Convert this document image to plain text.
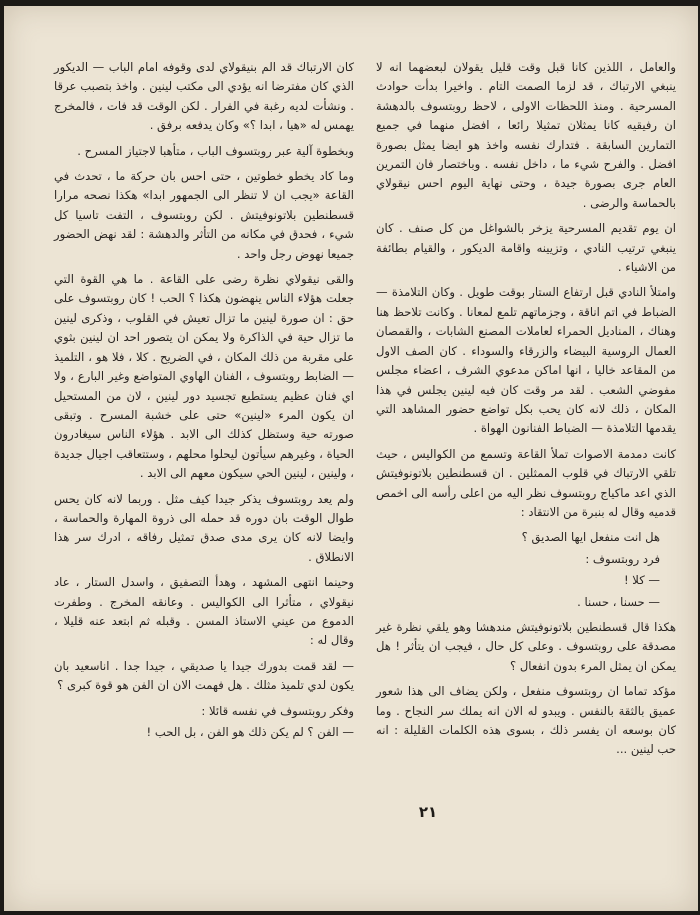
والعامل ، اللذين كانا قبل وقت قليل يقولان لبعضهما انه لا ينبغي الارتباك ، قد لزما الصمت التام . واخيرا بدأت حوادث المسرحية . ومنذ اللحظات الاولى ، لاحظ روبتسوف بالدهشة ان رفيقيه كانا يمثلان تمثيلا رائعا ، افضل منهما في جميع التمارين السابقة . فتدارك نفسه واخذ هو ايضا يمثل بصورة افضل . والفرح شيء ما ، داخل نفسه . وباختصار فان التمرين العام جرى بصورة جيدة ، وحتى نهاية اليوم احس نيقولاي بالحماسة والرضى .

ان يوم تقديم المسرحية يزخر بالشواغل من كل صنف . كان ينبغي ترتيب النادي ، وتزيينه واقامة الديكور ، والقيام بطائفة من الاشياء .

وامتلأ النادي قبل ارتفاع الستار بوقت طويل . وكان التلامذة — الضباط في اتم اناقة ، وجزماتهم تلمع لمعانا . وكانت تلاحظ هنا وهناك ، المناديل الحمراء لعاملات المصنع الشابات ، والقمصان العمال الروسية البيضاء والزرقاء والسوداء . كان الصف الاول من المقاعد خاليا ، انها اماكن مدعوي الشرف ، اعضاء مجلس مفوضي الشعب . لقد مر وقت كان فيه لينين يجلس في هذا المكان ، ذلك لانه كان يحب بكل تواضع حضور المشاهد التي يقدمها التلامذة — الضباط الفنانون الهواة .

كانت دمدمة الاصوات تملأ القاعة وتسمع من الكواليس ، حيث تلقي الارتباك في قلوب الممثلين . ان قسطنطين بلاتونوفيتش الذي اعد ماكياج روبتسوف نظر اليه من اعلى رأسه الى اخمص قدميه وقال له بنبرة من الانتقاد :

هل انت منفعل ايها الصديق ؟

فرد روبتسوف :

— كلا !

— حسنا ، حسنا .

هكذا قال قسطنطين بلاتونوفيتش مندهشا وهو يلقي نظرة غير مصدقة على روبتسوف . وعلى كل حال ، فيجب ان يتأثر ! هل يمكن ان يمثل المرء بدون انفعال ؟

مؤكد تماما ان روبتسوف منفعل ، ولكن يضاف الى هذا شعور عميق بالثقة بالنفس . ويبدو له الان انه يملك سر النجاح . وما كان بوسعه ان يفسر ذلك ، بسوى هذه الكلمات القليلة : انه حب لينين ...

كان الارتباك قد الم بنيقولاي لدى وقوفه امام الباب — الديكور الذي كان مفترضا انه يؤدي الى مكتب لينين . واخذ بتصبب عرقا . ونشأت لديه رغبة في الفرار . لكن الوقت قد فات ، فالمخرج يهمس له «هيا ، ابدا ؟» وكان يدفعه برفق .

وبخطوة آلية عبر روبتسوف الباب ، متأهبا لاجتياز المسرح .

وما كاد يخطو خطوتين ، حتى احس بان حركة ما ، تحدث في القاعة «يجب ان لا تنظر الى الجمهور ابدا» هكذا نصحه مرارا قسطنطين بلاتونوفيتش . لكن روبتسوف ، التفت تاسيا كل شيء ، فحدق في مكانه من التأثر والدهشة : لقد نهض الحضور جميعا نهوض رجل واحد .

والقى نيقولاي نظرة رضى على القاعة . ما هي القوة التي جعلت هؤلاء الناس ينهضون هكذا ؟ الحب ! كان روبتسوف على حق : ان صورة لينين ما تزال تعيش في القلوب ، وذكرى لينين ما تزال حية في الذاكرة ولا يمكن ان يتصور احد ان لينين بثوي على مقربة من ذلك المكان ، في الضريح . كلا ، فلا هو ، التلميذ — الضابط روبتسوف ، الفنان الهاوي المتواضع وغير البارع ، ولا اي فنان عظيم يستطيع تجسيد دور لينين ، لان من المستحيل ان يكون المرء «لينين» حتى على خشبة المسرح . وتبقى صورته حية وستظل كذلك الى الابد . هؤلاء الناس سيغادرون الحياة ، وغيرهم سيأتون ليحلوا محلهم ، وستتعاقب اجيال جديدة ، ولينين ، لينين الحي سيكون معهم الى الابد .

ولم يعد روبتسوف يذكر جيدا كيف مثل . وربما لانه كان يحس طوال الوقت بان دوره قد حمله الى ذروة المهارة والحماسة ، وايضا لانه كان يرى مدى صدق تمثيل رفاقه ، ادرك سر هذا الانطلاق .

وحينما انتهى المشهد ، وهدأ التصفيق ، واسدل الستار ، عاد نيقولاي ، متأثرا الى الكواليس . وعانقه المخرج . وطفرت الدموع من عيني الاستاذ المسن . وقبله ثم ابتعد عنه قليلا ، وقال له :

— لقد قمت بدورك جيدا يا صديقي ، جيدا جدا . اناسعيد بان يكون لدي تلميذ مثلك . هل فهمت الان ان الفن هو قوة كبرى ؟

وفكر روبتسوف في نفسه قائلا :

— الفن ؟ لم يكن ذلك هو الفن ، بل الحب !

٢١
